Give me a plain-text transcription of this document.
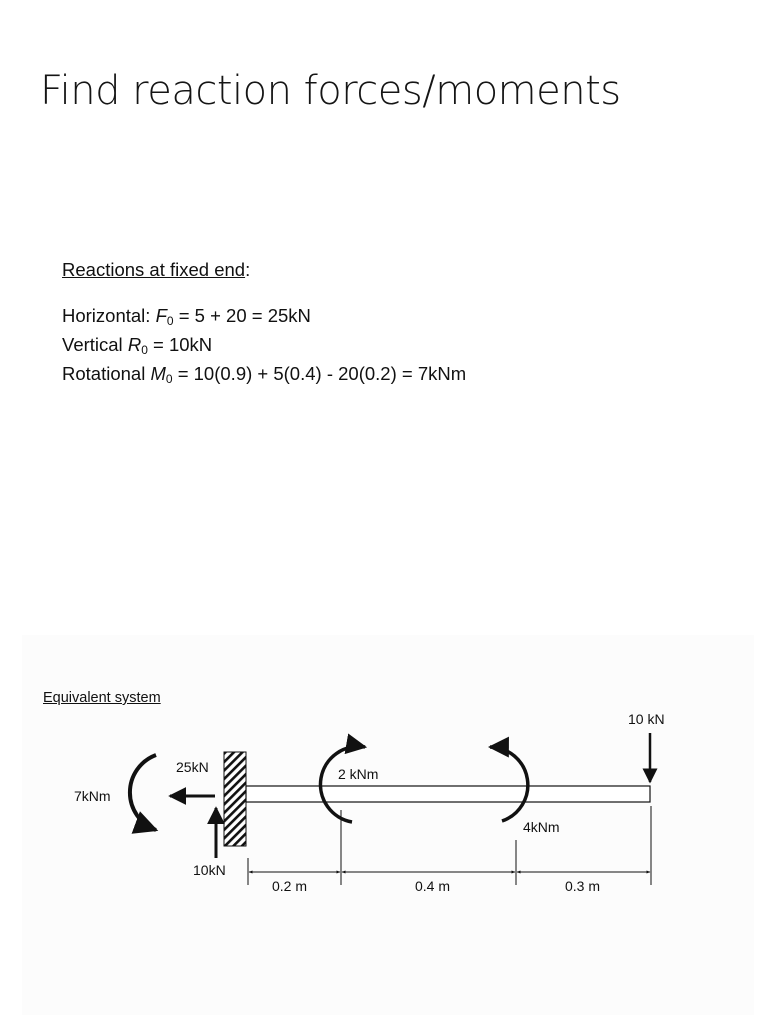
Find reaction forces/moments
Reactions at fixed end:
Horizontal: $F_0 = 5 + 20 = 25kN$
Vertical $R_0 = 10kN$
Rotational $M_0 = 10(0.9) + 5(0.4) - 20(0.2) = 7kNm$
Equivalent system
7kNm
25kN
10kN
2 kNm
4kNm
10 kN
0.2 m	0.4 m	0.3 m
